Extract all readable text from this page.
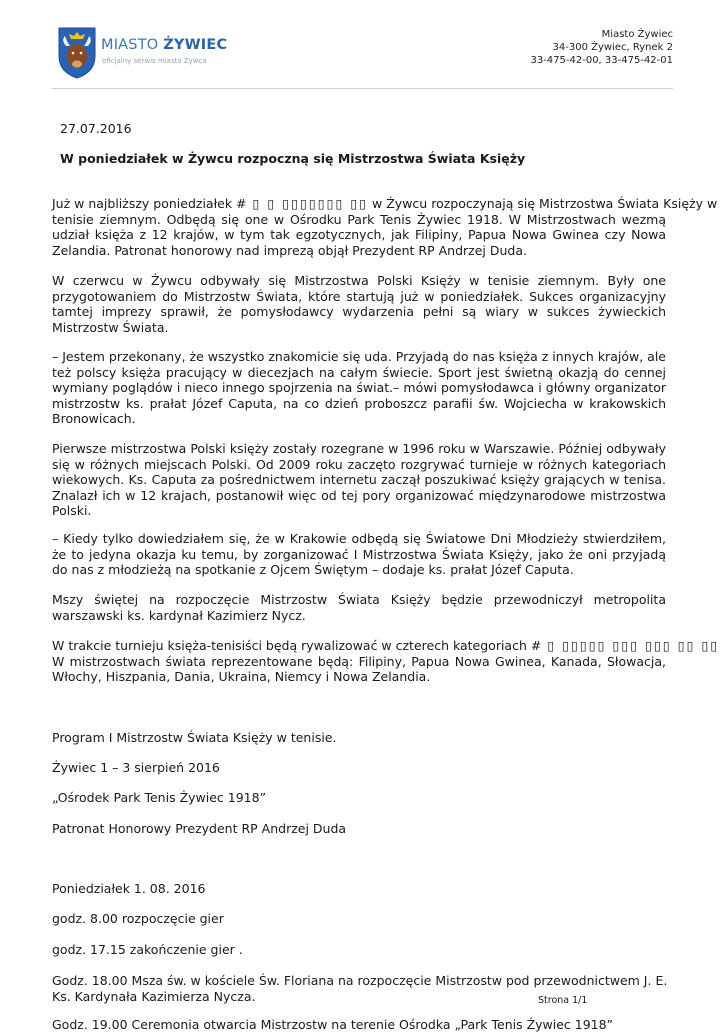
MIASTO ŻYWIEC
oficjalny serwis miasta Żywca
Miasto Żywiec
34-300 Żywiec, Rynek 2
33-475-42-00, 33-475-42-01
27.07.2016
W poniedziałek w Żywcu rozpoczną się Mistrzostwa Świata Księży
Już w najbliższy poniedziałek # ▯ ▯ ▯▯▯▯▯▯▯ ▯▯ w Żywcu rozpoczynają się Mistrzostwa Świata Księży w
tenisie ziemnym. Odbędą się one w Ośrodku Park Tenis Żywiec 1918. W Mistrzostwach wezmą udział księża z 12 krajów, w tym tak egzotycznych, jak Filipiny, Papua Nowa Gwinea czy Nowa Zelandia. Patronat honorowy nad imprezą objął Prezydent RP Andrzej Duda.
W czerwcu w Żywcu odbywały się Mistrzostwa Polski Księży w tenisie ziemnym. Były one przygotowaniem do Mistrzostw Świata, które startują już w poniedziałek. Sukces organizacyjny tamtej imprezy sprawił, że pomysłodawcy wydarzenia pełni są wiary w sukces żywieckich Mistrzostw Świata.
– Jestem przekonany, że wszystko znakomicie się uda. Przyjadą do nas księża z innych krajów, ale też polscy księża pracujący w diecezjach na całym świecie. Sport jest świetną okazją do cennej wymiany poglądów i nieco innego spojrzenia na świat.– mówi pomysłodawca i główny organizator mistrzostw ks. prałat Józef Caputa, na co dzień proboszcz parafii św. Wojciecha w krakowskich Bronowicach.
Pierwsze mistrzostwa Polski księży zostały rozegrane w 1996 roku w Warszawie. Później odbywały się w różnych miejscach Polski. Od 2009 roku zaczęto rozgrywać turnieje w różnych kategoriach wiekowych. Ks. Caputa za pośrednictwem internetu zaczął poszukiwać księży grających w tenisa. Znalazł ich w 12 krajach, postanowił więc od tej pory organizować międzynarodowe mistrzostwa Polski.
– Kiedy tylko dowiedziałem się, że w Krakowie odbędą się Światowe Dni Młodzieży stwierdziłem, że to jedyna okazja ku temu, by zorganizować I Mistrzostwa Świata Księży, jako że oni przyjadą do nas z młodzieżą na spotkanie z Ojcem Świętym – dodaje ks. prałat Józef Caputa.
Mszy świętej na rozpoczęcie Mistrzostw Świata Księży będzie przewodniczył metropolita warszawski ks. kardynał Kazimierz Nycz.
W trakcie turnieju księża-tenisiści będą rywalizować w czterech kategoriach # ▯ ▯▯▯▯▯ ▯▯▯ ▯▯▯ ▯▯ ▯▯
W mistrzostwach świata reprezentowane będą: Filipiny, Papua Nowa Gwinea, Kanada, Słowacja, Włochy, Hiszpania, Dania, Ukraina, Niemcy i Nowa Zelandia.
Program I Mistrzostw Świata Księży w tenisie.
Żywiec 1 – 3 sierpień 2016
„Ośrodek Park Tenis Żywiec 1918”
Patronat Honorowy Prezydent RP Andrzej Duda
Poniedziałek 1. 08. 2016
godz. 8.00 rozpoczęcie gier
godz. 17.15 zakończenie gier .
Godz. 18.00 Msza św. w kościele Św. Floriana na rozpoczęcie Mistrzostw pod przewodnictwem J. E.
Ks. Kardynała Kazimierza Nycza.
Godz. 19.00 Ceremonia otwarcia Mistrzostw na terenie Ośrodka „Park Tenis Żywiec 1918”
Strona 1/1
